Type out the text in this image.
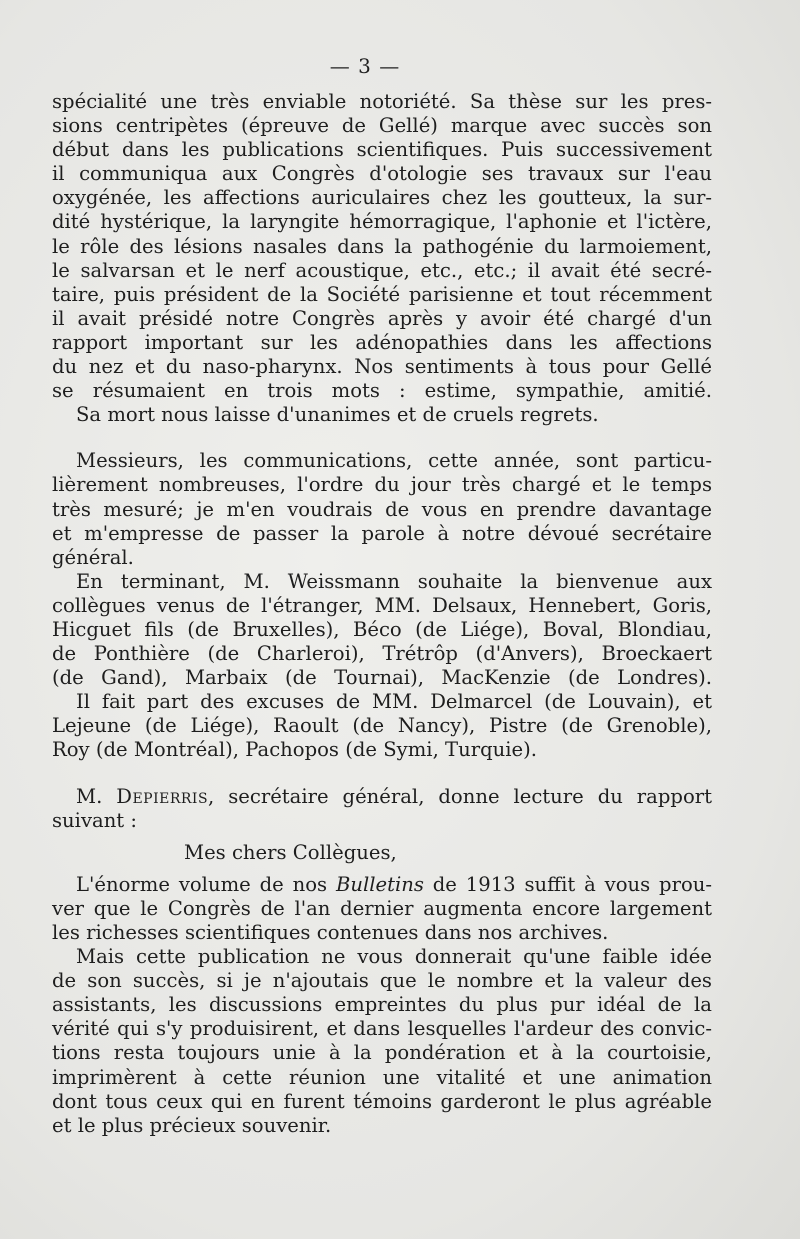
— 3 —
spécialité une très enviable notoriété. Sa thèse sur les pres-
sions centripètes (épreuve de Gellé) marque avec succès son
début dans les publications scientifiques. Puis successivement
il communiqua aux Congrès d'otologie ses travaux sur l'eau
oxygénée, les affections auriculaires chez les goutteux, la sur-
dité hystérique, la laryngite hémorragique, l'aphonie et l'ictère,
le rôle des lésions nasales dans la pathogénie du larmoiement,
le salvarsan et le nerf acoustique, etc., etc.; il avait été secré-
taire, puis président de la Société parisienne et tout récemment
il avait présidé notre Congrès après y avoir été chargé d'un
rapport important sur les adénopathies dans les affections
du nez et du naso-pharynx. Nos sentiments à tous pour Gellé
se résumaient en trois mots : estime, sympathie, amitié.
Sa mort nous laisse d'unanimes et de cruels regrets.
Messieurs, les communications, cette année, sont particu-
lièrement nombreuses, l'ordre du jour très chargé et le temps
très mesuré; je m'en voudrais de vous en prendre davantage
et m'empresse de passer la parole à notre dévoué secrétaire
général.
En terminant, M. Weissmann souhaite la bienvenue aux
collègues venus de l'étranger, MM. Delsaux, Hennebert, Goris,
Hicguet fils (de Bruxelles), Béco (de Liége), Boval, Blondiau,
de Ponthière (de Charleroi), Trétrôp (d'Anvers), Broeckaert
(de Gand), Marbaix (de Tournai), MacKenzie (de Londres).
Il fait part des excuses de MM. Delmarcel (de Louvain), et
Lejeune (de Liége), Raoult (de Nancy), Pistre (de Grenoble),
Roy (de Montréal), Pachopos (de Symi, Turquie).
M. Depierris, secrétaire général, donne lecture du rapport
suivant :
Mes chers Collègues,
L'énorme volume de nos Bulletins de 1913 suffit à vous prou-
ver que le Congrès de l'an dernier augmenta encore largement
les richesses scientifiques contenues dans nos archives.
Mais cette publication ne vous donnerait qu'une faible idée
de son succès, si je n'ajoutais que le nombre et la valeur des
assistants, les discussions empreintes du plus pur idéal de la
vérité qui s'y produisirent, et dans lesquelles l'ardeur des convic-
tions resta toujours unie à la pondération et à la courtoisie,
imprimèrent à cette réunion une vitalité et une animation
dont tous ceux qui en furent témoins garderont le plus agréable
et le plus précieux souvenir.
